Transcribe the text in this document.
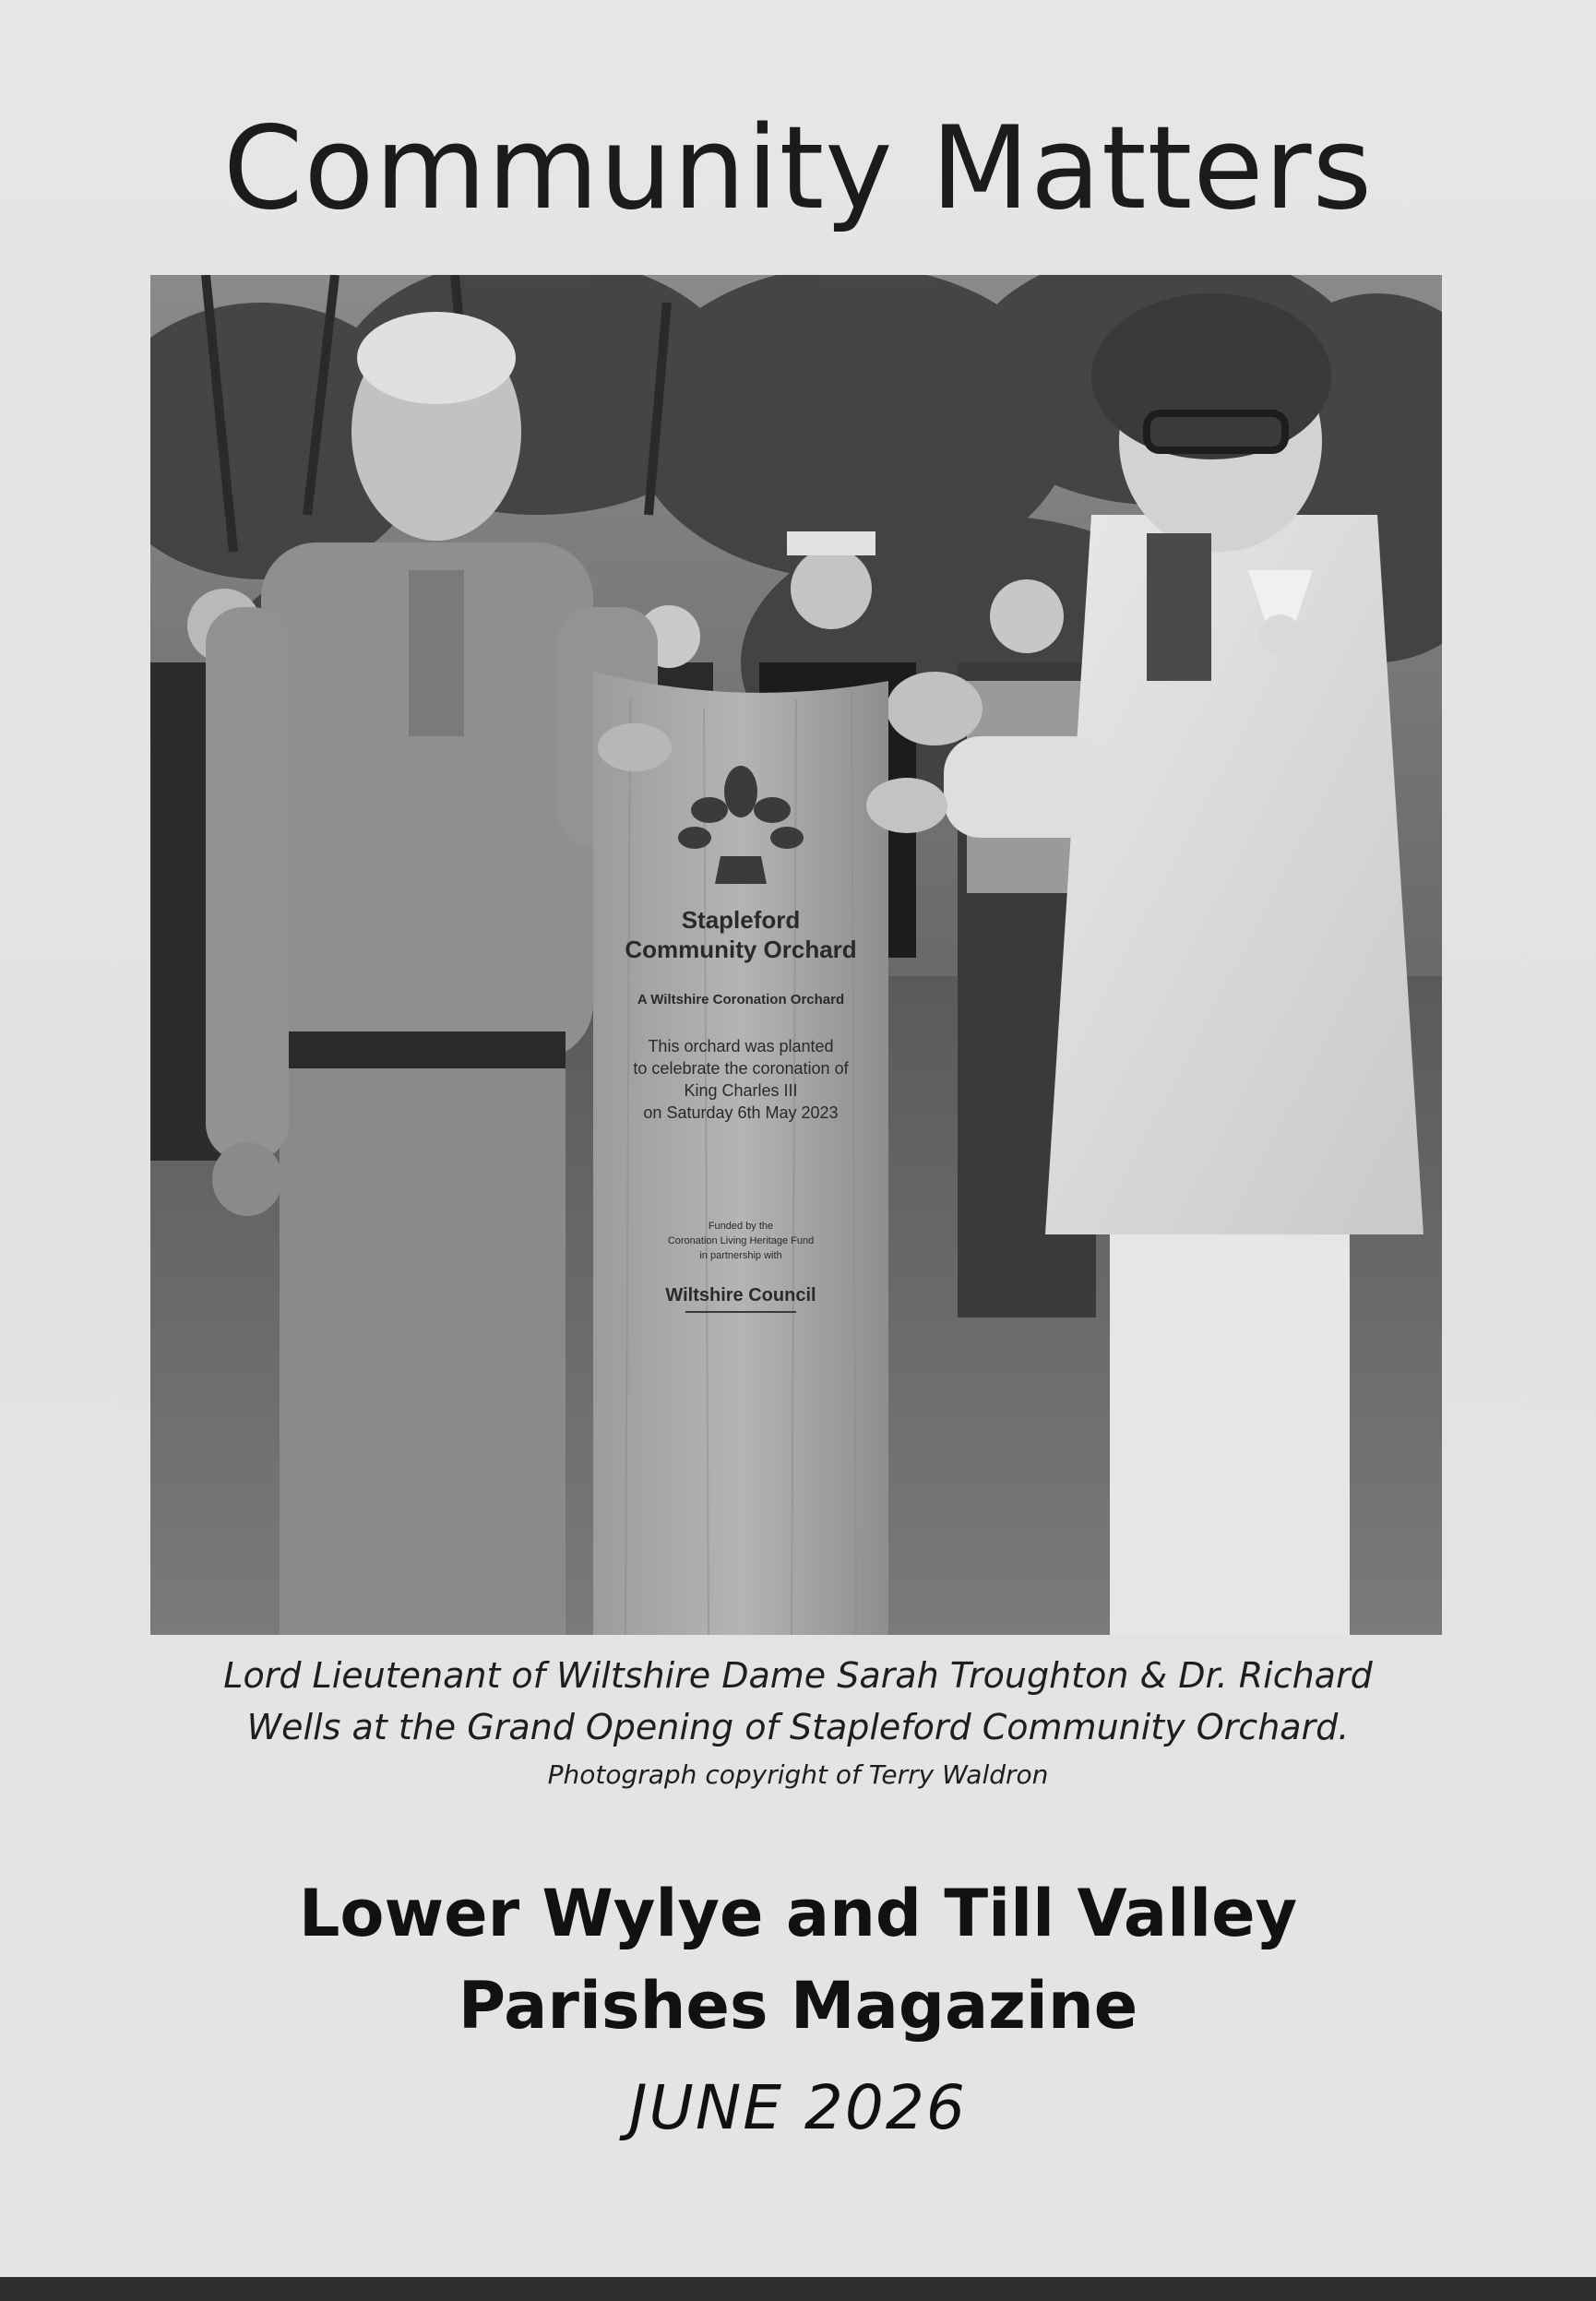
Community Matters
Stapleford
Community Orchard
A Wiltshire Coronation Orchard
This orchard was planted
to celebrate the coronation of
King Charles III
on Saturday 6th May 2023
Funded by the
Coronation Living Heritage Fund
in partnership with
Wiltshire Council
Lord Lieutenant of Wiltshire Dame Sarah Troughton & Dr. Richard
Wells at the Grand Opening of Stapleford Community Orchard.
Photograph copyright of Terry Waldron
Lower Wylye and Till Valley
Parishes Magazine
JUNE 2026
